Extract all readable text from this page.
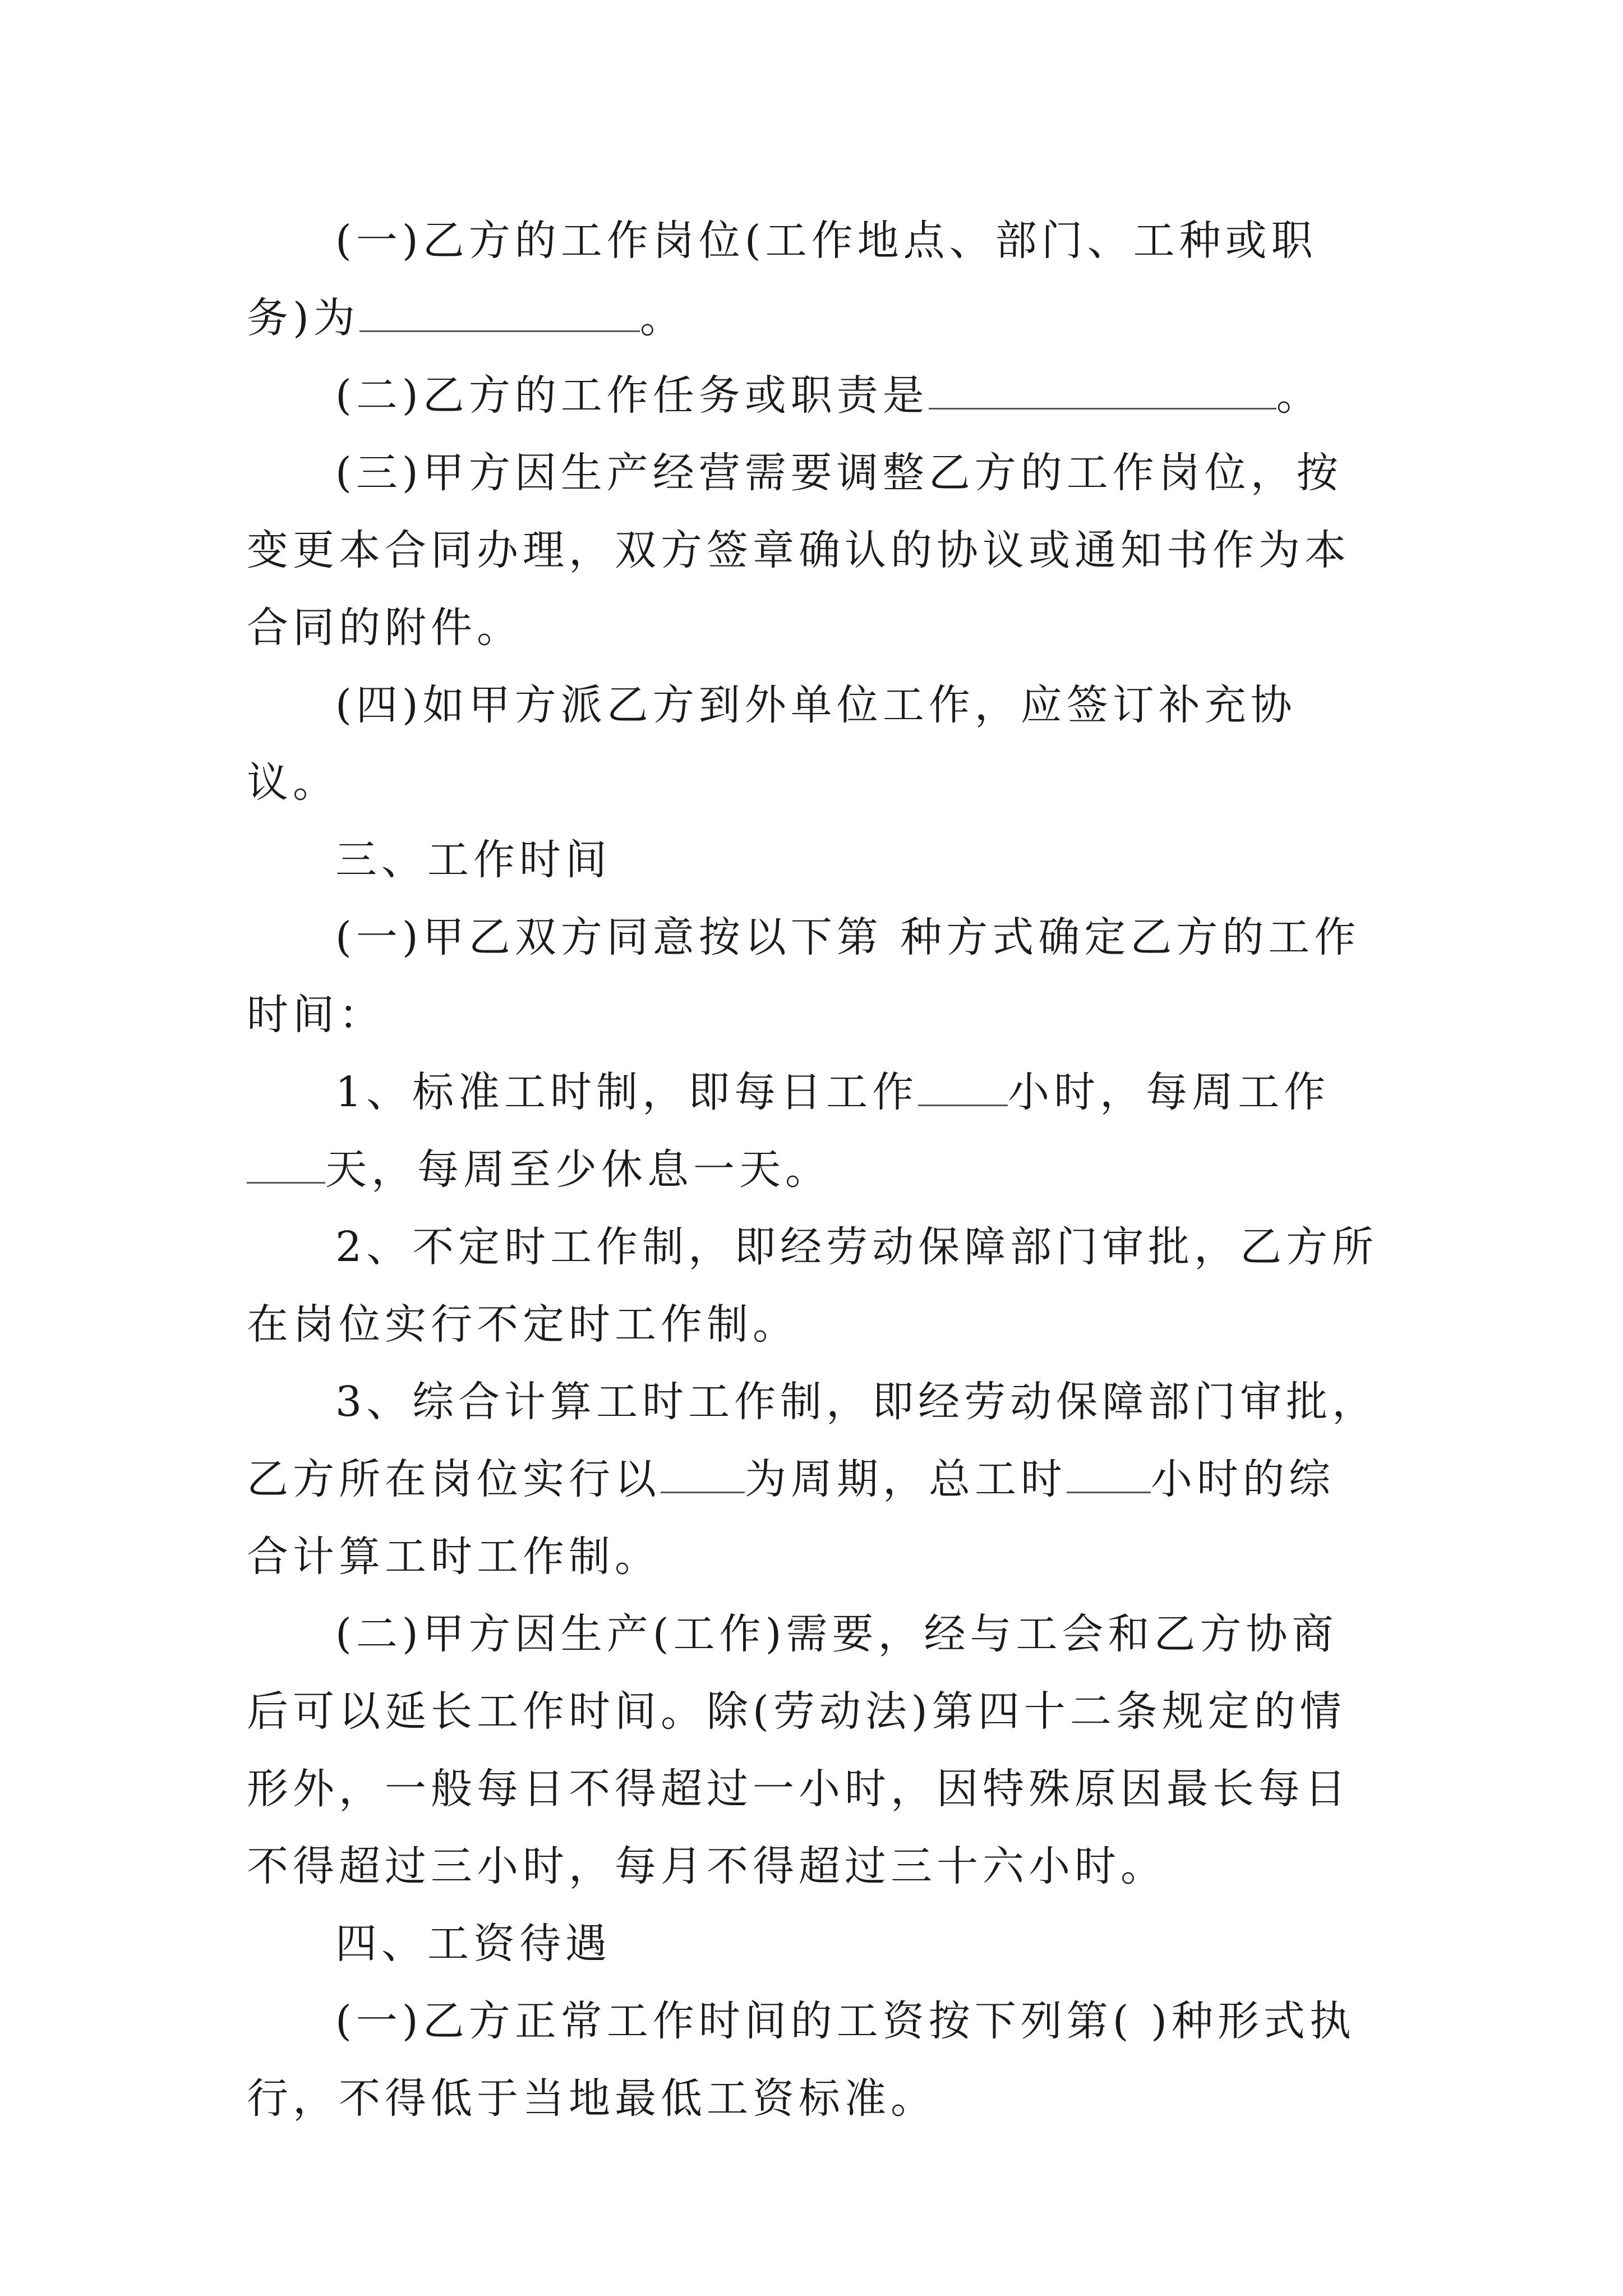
(一)乙方的工作岗位(工作地点、部门、工种或职务)为	。

(二)乙方的工作任务或职责是	。

(三)甲方因生产经营需要调整乙方的工作岗位，按变更本合同办理，双方签章确认的协议或通知书作为本合同的附件。

(四)如甲方派乙方到外单位工作，应签订补充协议。

三、工作时间

(一)甲乙双方同意按以下第 种方式确定乙方的工作时间：

1、标准工时制，即每日工作 小时，每周工作天，每周至少休息一天。

2、不定时工作制，即经劳动保障部门审批，乙方所在岗位实行不定时工作制。

3、综合计算工时工作制，即经劳动保障部门审批，乙方所在岗位实行以 为周期，总工时 小时的综合计算工时工作制。

(二)甲方因生产(工作)需要，经与工会和乙方协商后可以延长工作时间。除(劳动法)第四十二条规定的情形外，一般每日不得超过一小时，因特殊原因最长每日不得超过三小时，每月不得超过三十六小时。

四、工资待遇

(一)乙方正常工作时间的工资按下列第( )种形式执行，不得低于当地最低工资标准。
